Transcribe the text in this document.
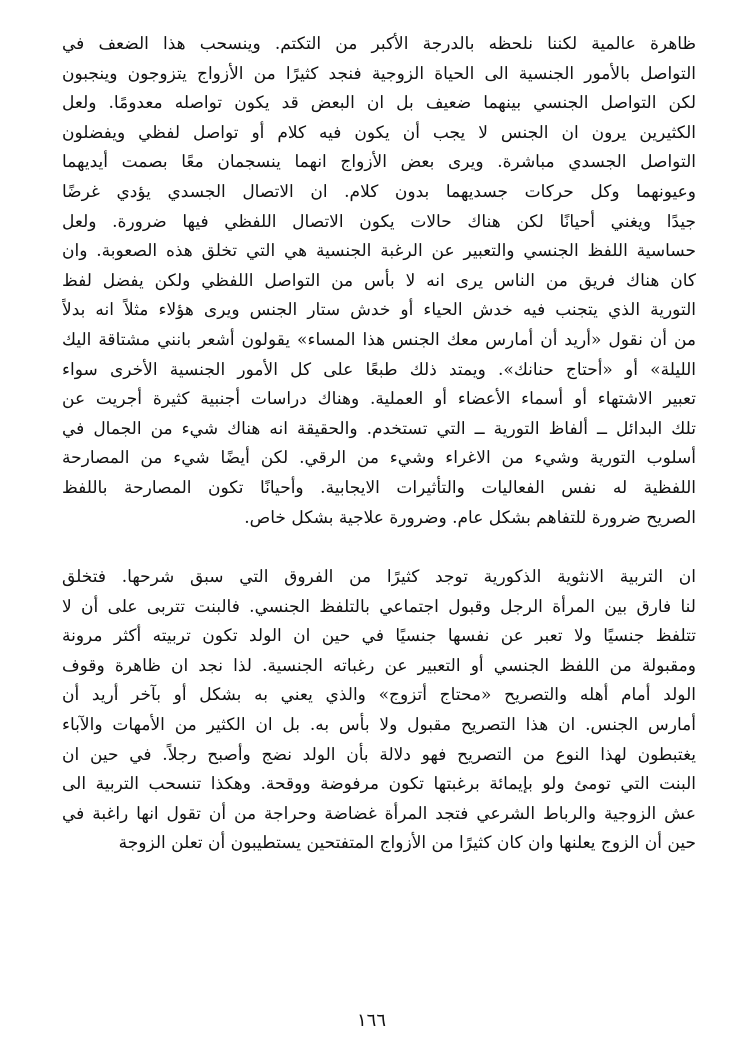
ظاهرة عالمية لكننا نلحظه بالدرجة الأكبر من التكتم. وينسحب هذا الضعف في
التواصل بالأمور الجنسية الى الحياة الزوجية فنجد كثيرًا من الأزواج يتزوجون وينجبون
لكن التواصل الجنسي بينهما ضعيف بل ان البعض قد يكون تواصله معدومًا. ولعل
الكثيرين يرون ان الجنس لا يجب أن يكون فيه كلام أو تواصل لفظي ويفضلون
التواصل الجسدي مباشرة. ويرى بعض الأزواج انهما ينسجمان معًا بصمت أيديهما
وعيونهما وكل حركات جسديهما بدون كلام. ان الاتصال الجسدي يؤدي غرضًا
جيدًا ويغني أحيانًا لكن هناك حالات يكون الاتصال اللفظي فيها ضرورة. ولعل
حساسية اللفظ الجنسي والتعبير عن الرغبة الجنسية هي التي تخلق هذه الصعوبة. وان
كان هناك فريق من الناس يرى انه لا بأس من التواصل اللفظي ولكن يفضل لفظ
التورية الذي يتجنب فيه خدش الحياء أو خدش ستار الجنس ويرى هؤلاء مثلاً انه بدلاً
من أن نقول «أريد أن أمارس معك الجنس هذا المساء» يقولون أشعر بانني مشتاقة اليك
الليلة» أو «أحتاج حنانك». ويمتد ذلك طبعًا على كل الأمور الجنسية الأخرى سواء
تعبير الاشتهاء أو أسماء الأعضاء أو العملية. وهناك دراسات أجنبية كثيرة أجريت عن
تلك البدائل ــ ألفاظ التورية ــ التي تستخدم. والحقيقة انه هناك شيء من الجمال في
أسلوب التورية وشيء من الاغراء وشيء من الرقي. لكن أيضًا شيء من المصارحة
اللفظية له نفس الفعاليات والتأثيرات الايجابية. وأحيانًا تكون المصارحة باللفظ
الصريح ضرورة للتفاهم بشكل عام. وضرورة علاجية بشكل خاص.
ان التربية الانثوية الذكورية توجد كثيرًا من الفروق التي سبق شرحها. فتخلق
لنا فارق بين المرأة الرجل وقبول اجتماعي بالتلفظ الجنسي. فالبنت تتربى على أن لا
تتلفظ جنسيًا ولا تعبر عن نفسها جنسيًا في حين ان الولد تكون تربيته أكثر مرونة
ومقبولة من اللفظ الجنسي أو التعبير عن رغباته الجنسية. لذا نجد ان ظاهرة وقوف
الولد أمام أهله والتصريح «محتاج أتزوج» والذي يعني به بشكل أو بآخر أريد أن
أمارس الجنس. ان هذا التصريح مقبول ولا بأس به. بل ان الكثير من الأمهات والآباء
يغتبطون لهذا النوع من التصريح فهو دلالة بأن الولد نضج وأصبح رجلاً. في حين ان
البنت التي تومئ ولو بإيمائة برغبتها تكون مرفوضة ووقحة. وهكذا تنسحب التربية الى
عش الزوجية والرباط الشرعي فتجد المرأة غضاضة وحراجة من أن تقول انها راغبة في
حين أن الزوج يعلنها وان كان كثيرًا من الأزواج المتفتحين يستطيبون أن تعلن الزوجة
١٦٦
